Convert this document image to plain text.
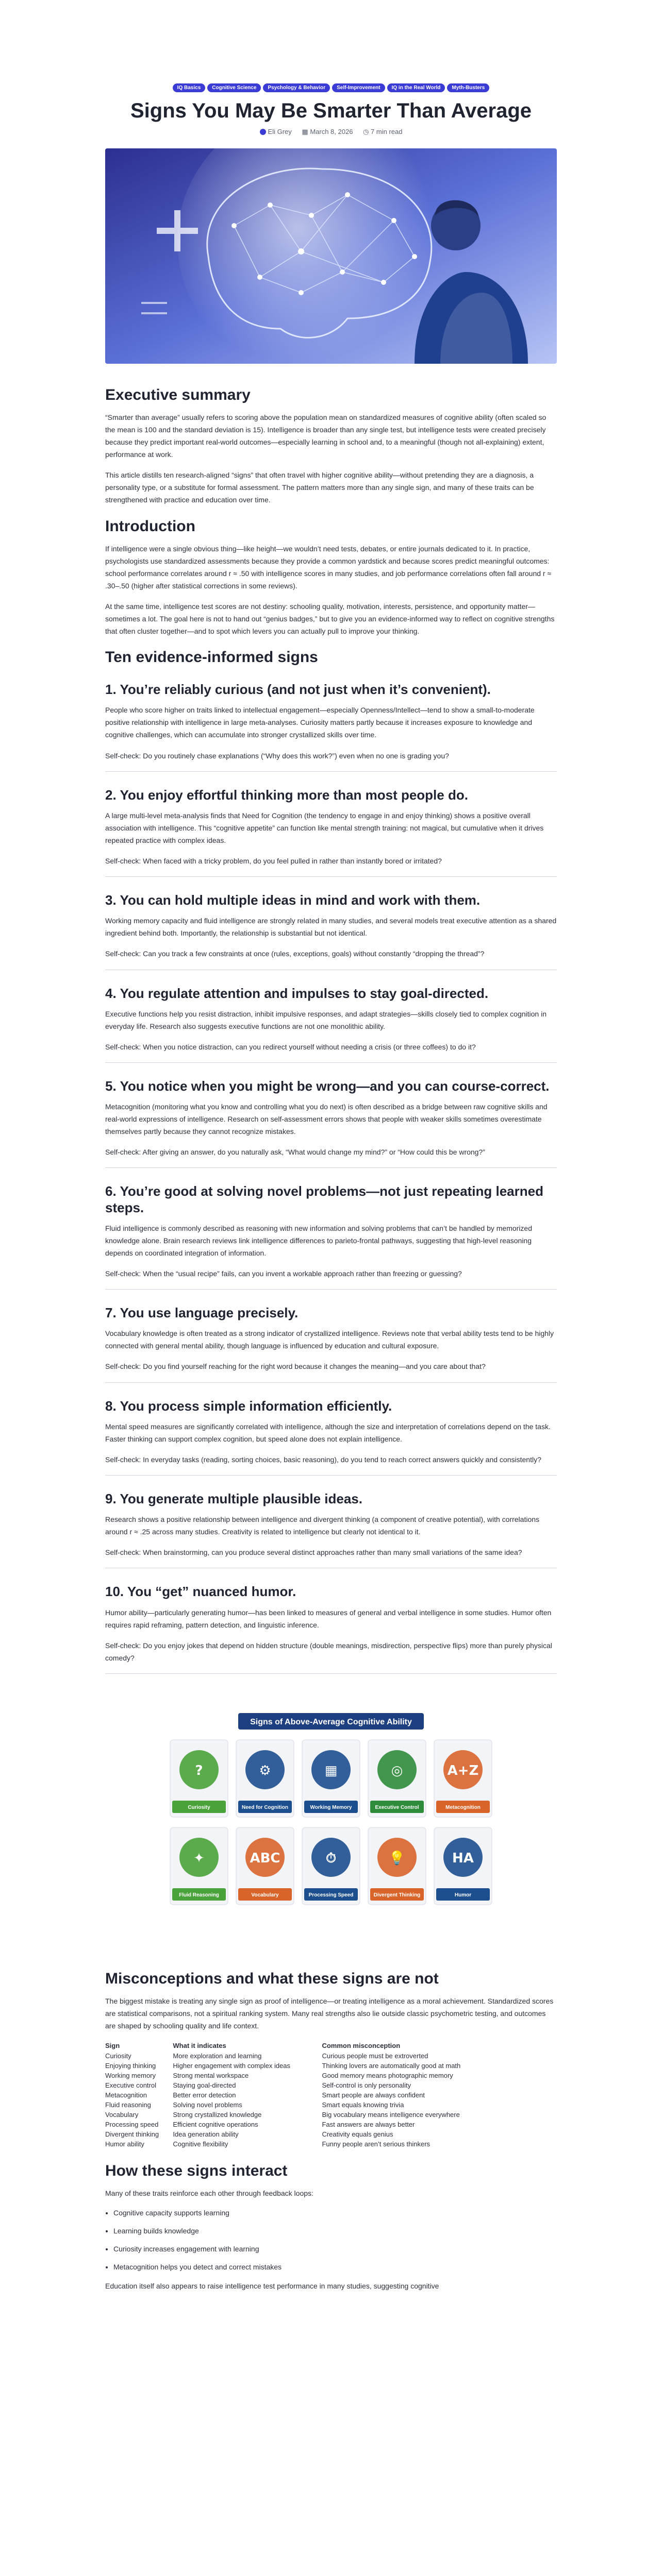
IQ Basics Cognitive Science Psychology & Behavior Self-Improvement IQ in the Real World Myth-Busters
Signs You May Be Smarter Than Average
Eli Grey ▦ March 8, 2026 ◷ 7 min read
Executive summary

“Smarter than average” usually refers to scoring above the population mean on standardized measures of cognitive ability (often scaled so the mean is 100 and the standard deviation is 15). Intelligence is broader than any single test, but intelligence tests were created precisely because they predict important real-world outcomes—especially learning in school and, to a meaningful (though not all-explaining) extent, performance at work.

This article distills ten research-aligned “signs” that often travel with higher cognitive ability—without pretending they are a diagnosis, a personality type, or a substitute for formal assessment. The pattern matters more than any single sign, and many of these traits can be strengthened with practice and education over time.

Introduction

If intelligence were a single obvious thing—like height—we wouldn’t need tests, debates, or entire journals dedicated to it. In practice, psychologists use standardized assessments because they provide a common yardstick and because scores predict meaningful outcomes: school performance correlates around r ≈ .50 with intelligence scores in many studies, and job performance correlations often fall around r ≈ .30–.50 (higher after statistical corrections in some reviews).

At the same time, intelligence test scores are not destiny: schooling quality, motivation, interests, persistence, and opportunity matter—sometimes a lot. The goal here is not to hand out “genius badges,” but to give you an evidence-informed way to reflect on cognitive strengths that often cluster together—and to spot which levers you can actually pull to improve your thinking.

Ten evidence-informed signs
1. You’re reliably curious (and not just when it’s convenient).

People who score higher on traits linked to intellectual engagement—especially Openness/Intellect—tend to show a small-to-moderate positive relationship with intelligence in large meta-analyses. Curiosity matters partly because it increases exposure to knowledge and cognitive challenges, which can accumulate into stronger crystallized skills over time.

Self-check: Do you routinely chase explanations (“Why does this work?”) even when no one is grading you?

2. You enjoy effortful thinking more than most people do.

A large multi-level meta-analysis finds that Need for Cognition (the tendency to engage in and enjoy thinking) shows a positive overall association with intelligence. This “cognitive appetite” can function like mental strength training: not magical, but cumulative when it drives repeated practice with complex ideas.

Self-check: When faced with a tricky problem, do you feel pulled in rather than instantly bored or irritated?

3. You can hold multiple ideas in mind and work with them.

Working memory capacity and fluid intelligence are strongly related in many studies, and several models treat executive attention as a shared ingredient behind both. Importantly, the relationship is substantial but not identical.

Self-check: Can you track a few constraints at once (rules, exceptions, goals) without constantly “dropping the thread”?

4. You regulate attention and impulses to stay goal-directed.

Executive functions help you resist distraction, inhibit impulsive responses, and adapt strategies—skills closely tied to complex cognition in everyday life. Research also suggests executive functions are not one monolithic ability.

Self-check: When you notice distraction, can you redirect yourself without needing a crisis (or three coffees) to do it?

5. You notice when you might be wrong—and you can course-correct.

Metacognition (monitoring what you know and controlling what you do next) is often described as a bridge between raw cognitive skills and real-world expressions of intelligence. Research on self-assessment errors shows that people with weaker skills sometimes overestimate themselves partly because they cannot recognize mistakes.

Self-check: After giving an answer, do you naturally ask, “What would change my mind?” or “How could this be wrong?”

6. You’re good at solving novel problems—not just repeating learned steps.

Fluid intelligence is commonly described as reasoning with new information and solving problems that can’t be handled by memorized knowledge alone. Brain research reviews link intelligence differences to parieto-frontal pathways, suggesting that high-level reasoning depends on coordinated integration of information.

Self-check: When the “usual recipe” fails, can you invent a workable approach rather than freezing or guessing?

7. You use language precisely.

Vocabulary knowledge is often treated as a strong indicator of crystallized intelligence. Reviews note that verbal ability tests tend to be highly connected with general mental ability, though language is influenced by education and cultural exposure.

Self-check: Do you find yourself reaching for the right word because it changes the meaning—and you care about that?

8. You process simple information efficiently.

Mental speed measures are significantly correlated with intelligence, although the size and interpretation of correlations depend on the task. Faster thinking can support complex cognition, but speed alone does not explain intelligence.

Self-check: In everyday tasks (reading, sorting choices, basic reasoning), do you tend to reach correct answers quickly and consistently?

9. You generate multiple plausible ideas.

Research shows a positive relationship between intelligence and divergent thinking (a component of creative potential), with correlations around r ≈ .25 across many studies. Creativity is related to intelligence but clearly not identical to it.

Self-check: When brainstorming, can you produce several distinct approaches rather than many small variations of the same idea?

10. You “get” nuanced humor.

Humor ability—particularly generating humor—has been linked to measures of general and verbal intelligence in some studies. Humor often requires rapid reframing, pattern detection, and linguistic inference.

Self-check: Do you enjoy jokes that depend on hidden structure (double meanings, misdirection, perspective flips) more than purely physical comedy?

Signs of Above-Average Cognitive Ability
?
Curiosity
⚙
Need for Cognition
▦
Working Memory
◎
Executive Control
A+Z
Metacognition
✦
Fluid Reasoning
ABC
Vocabulary
⏱
Processing Speed
💡
Divergent Thinking
HA
Humor
Misconceptions and what these signs are not

The biggest mistake is treating any single sign as proof of intelligence—or treating intelligence as a moral achievement. Standardized scores are statistical comparisons, not a spiritual ranking system. Many real strengths also lie outside classic psychometric testing, and outcomes are shaped by schooling quality and life context.

Sign	What it indicates	Common misconception
Curiosity	More exploration and learning	Curious people must be extroverted
Enjoying thinking	Higher engagement with complex ideas	Thinking lovers are automatically good at math
Working memory	Strong mental workspace	Good memory means photographic memory
Executive control	Staying goal-directed	Self-control is only personality
Metacognition	Better error detection	Smart people are always confident
Fluid reasoning	Solving novel problems	Smart equals knowing trivia
Vocabulary	Strong crystallized knowledge	Big vocabulary means intelligence everywhere
Processing speed	Efficient cognitive operations	Fast answers are always better
Divergent thinking	Idea generation ability	Creativity equals genius
Humor ability	Cognitive flexibility	Funny people aren’t serious thinkers
How these signs interact

Many of these traits reinforce each other through feedback loops:

• Cognitive capacity supports learning
• Learning builds knowledge
• Curiosity increases engagement with learning
• Metacognition helps you detect and correct mistakes

Education itself also appears to raise intelligence test performance in many studies, suggesting cognitive
